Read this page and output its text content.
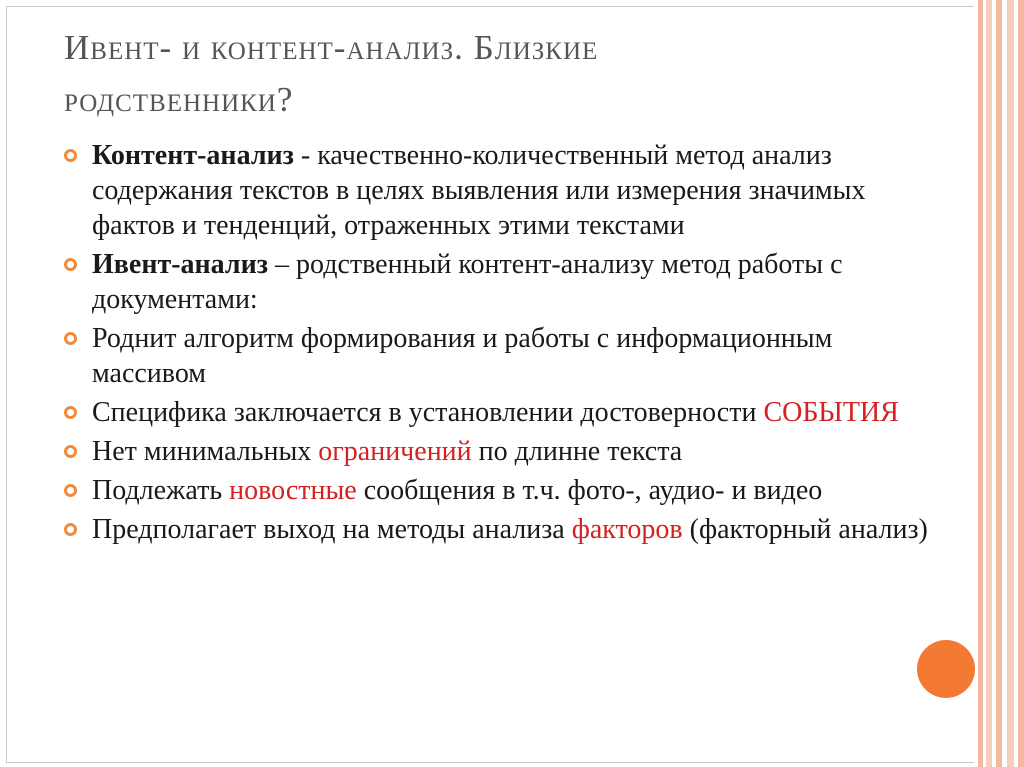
Ивент- и контент-анализ. Близкие
родственники?
Контент-анализ - качественно-количественный метод анализ содержания текстов в целях выявления или измерения значимых фактов и тенденций, отраженных этими текстами
Ивент-анализ – родственный контент-анализу метод работы с документами:
Роднит алгоритм формирования и работы с информационным массивом
Специфика заключается в установлении достоверности СОБЫТИЯ
Нет минимальных ограничений по длинне текста
Подлежать новостные сообщения в т.ч. фото-, аудио- и видео
Предполагает выход на методы анализа факторов (факторный анализ)
